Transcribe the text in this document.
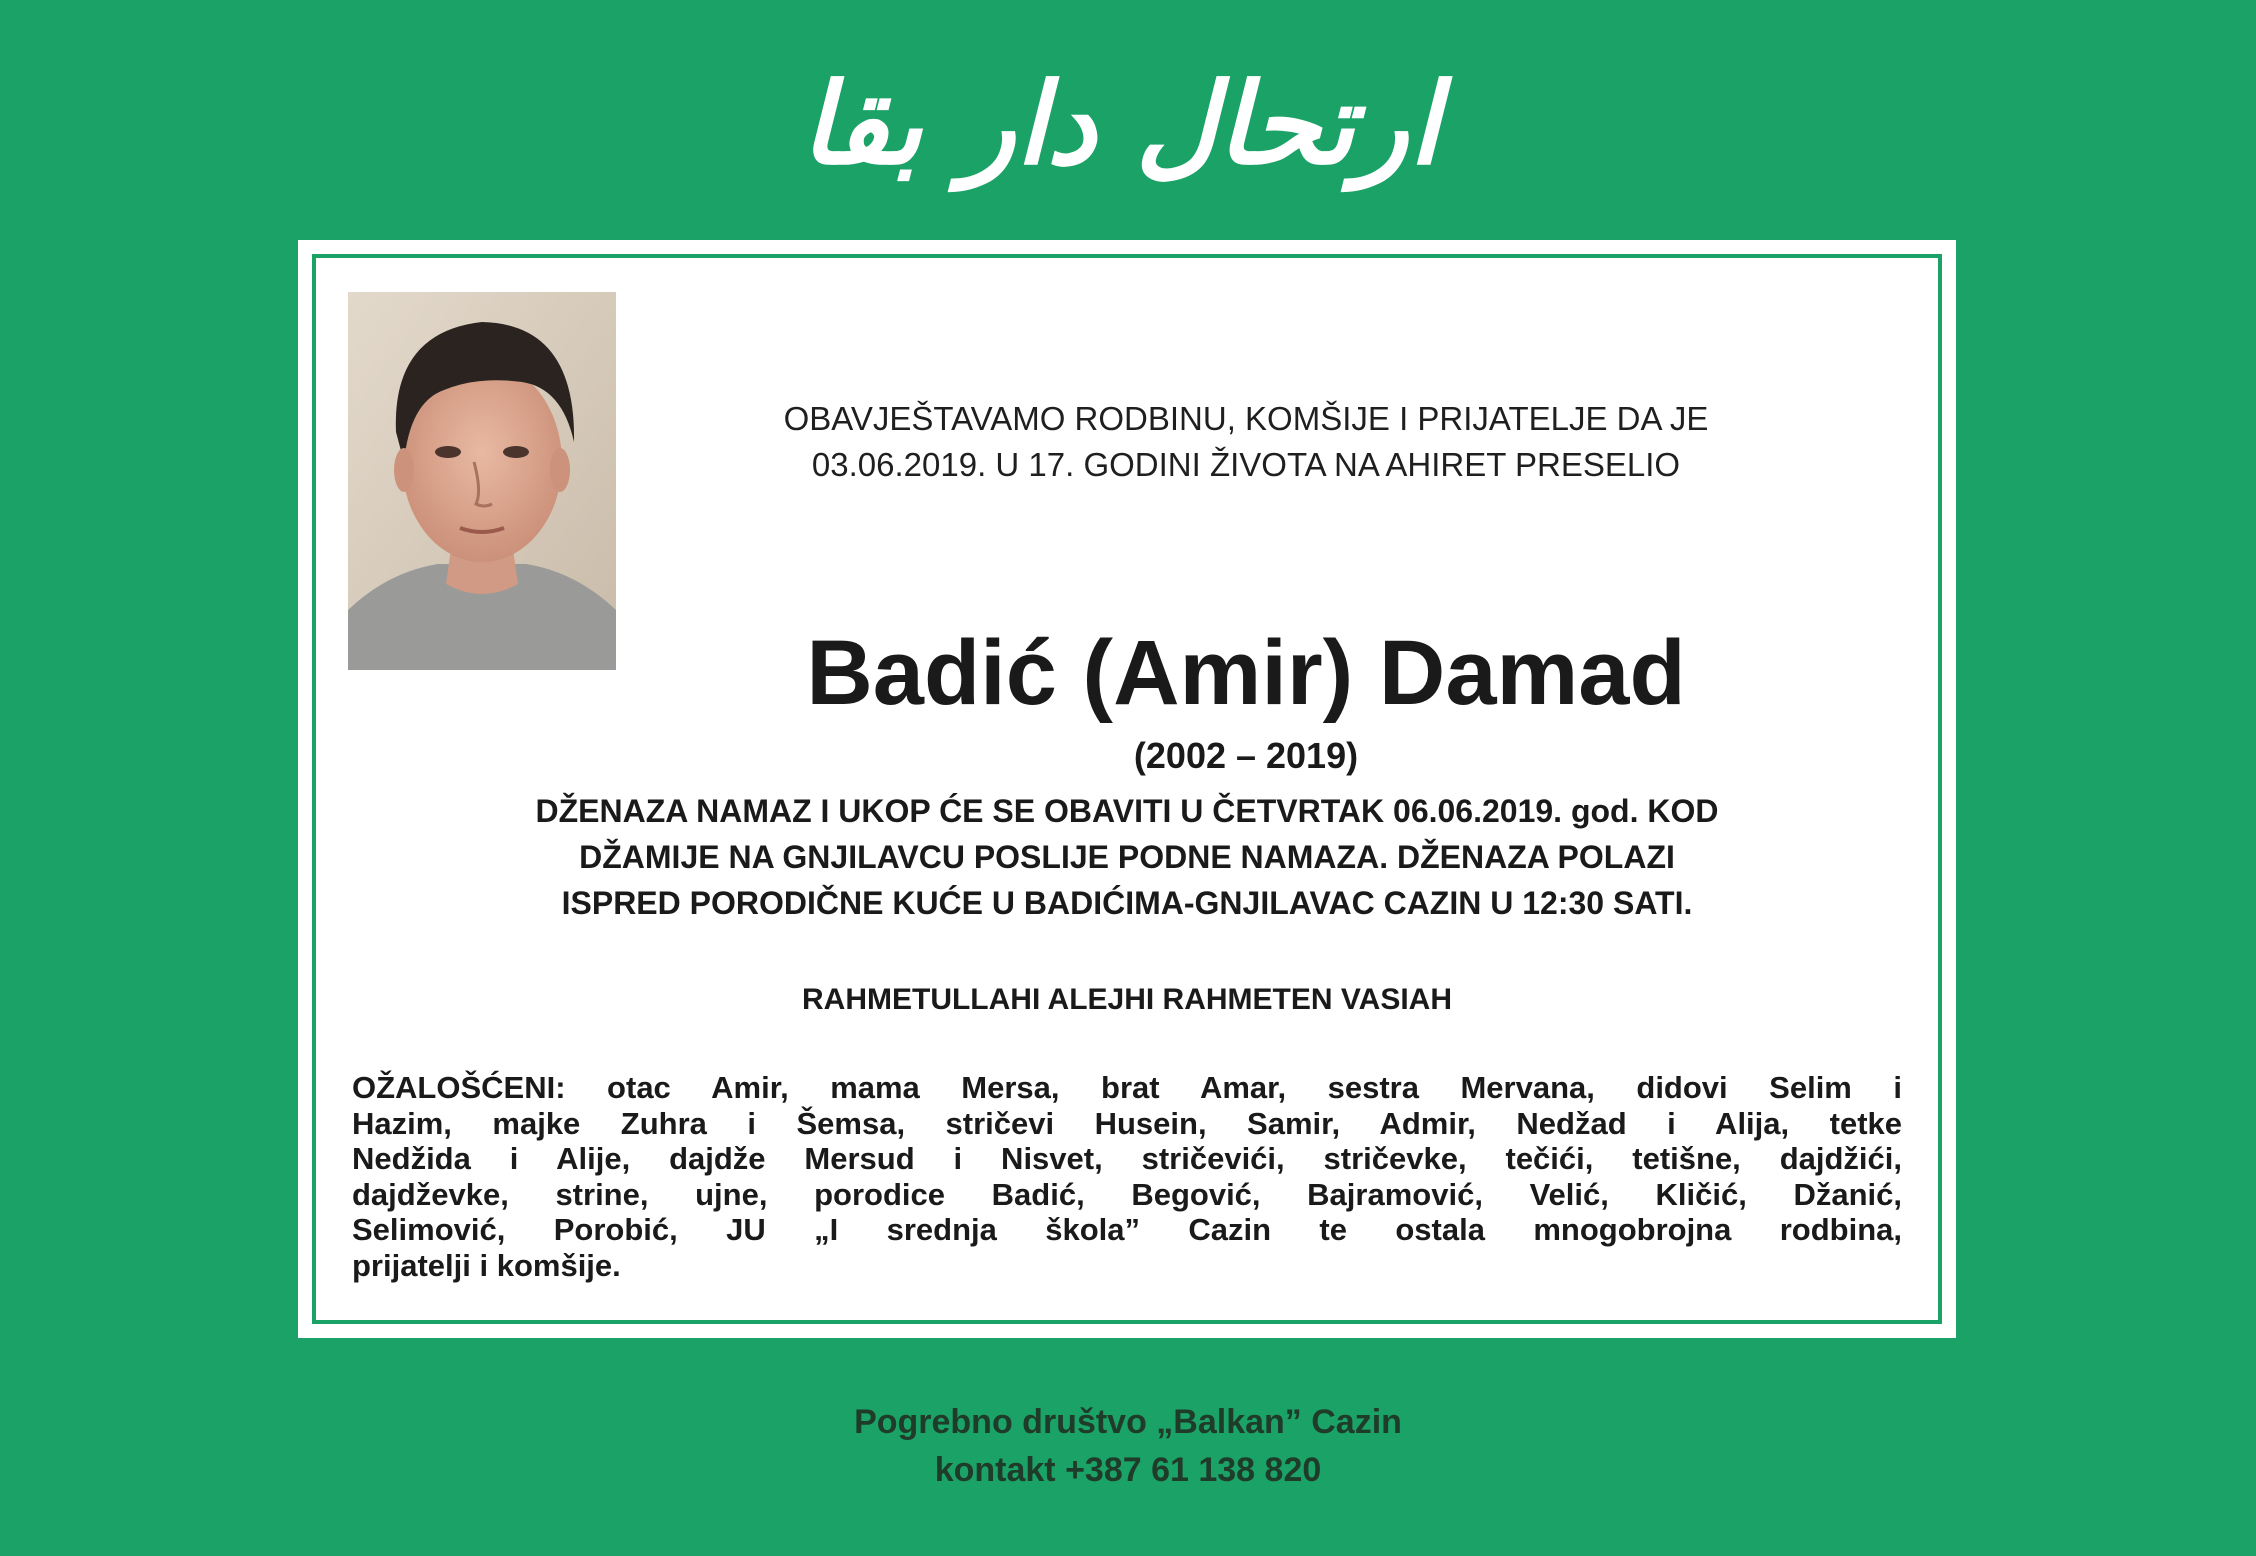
ارتحال دار بقا
OBAVJEŠTAVAMO RODBINU, KOMŠIJE I PRIJATELJE DA JE
03.06.2019. U 17. GODINI ŽIVOTA NA AHIRET PRESELIO
Badić (Amir) Damad
(2002 – 2019)
DŽENAZA NAMAZ I UKOP ĆE SE OBAVITI U ČETVRTAK 06.06.2019. god. KOD
DŽAMIJE NA GNJILAVCU POSLIJE PODNE NAMAZA. DŽENAZA POLAZI
ISPRED PORODIČNE KUĆE U BADIĆIMA-GNJILAVAC CAZIN U 12:30 SATI.
RAHMETULLAHI ALEJHI RAHMETEN VASIAH
OŽALOŠĆENI: otac Amir, mama Mersa, brat Amar, sestra Mervana, didovi Selim i
Hazim, majke Zuhra i Šemsa, stričevi Husein, Samir, Admir, Nedžad i Alija, tetke
Nedžida i Alije, dajdže Mersud i Nisvet, stričevići, stričevke, tečići, tetišne, dajdžići,
dajdževke, strine, ujne, porodice Badić, Begović, Bajramović, Velić, Kličić, Džanić,
Selimović, Porobić, JU „I srednja škola” Cazin te ostala mnogobrojna rodbina,
prijatelji i komšije.
Pogrebno društvo „Balkan” Cazin
kontakt +387 61 138 820
